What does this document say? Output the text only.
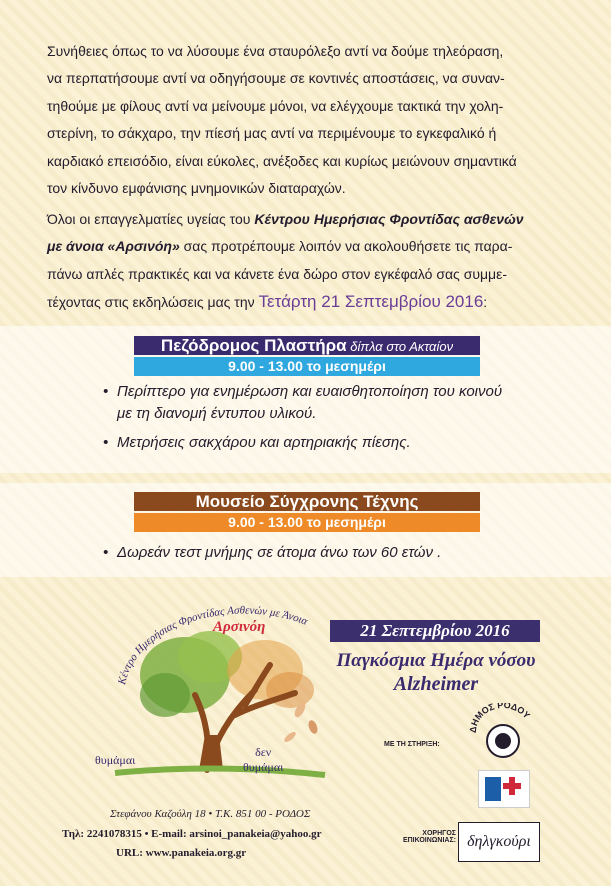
Συνήθειες όπως το να λύσουμε ένα σταυρόλεξο αντί να δούμε τηλεόραση,
να περπατήσουμε αντί να οδηγήσουμε σε κοντινές αποστάσεις, να συναν-
τηθούμε με φίλους αντί να μείνουμε μόνοι, να ελέγχουμε τακτικά την χολη-
στερίνη, το σάκχαρο, την πίεσή μας αντί να περιμένουμε το εγκεφαλικό ή
καρδιακό επεισόδιο, είναι εύκολες, ανέξοδες και κυρίως μειώνουν σημαντικά
τον κίνδυνο εμφάνισης μνημονικών διαταραχών.
Όλοι οι επαγγελματίες υγείας του Κέντρου Ημερήσιας Φροντίδας ασθενών
με άνοια «Αρσινόη» σας προτρέπουμε λοιπόν να ακολουθήσετε τις παρα-
πάνω απλές πρακτικές και να κάνετε ένα δώρο στον εγκέφαλό σας συμμε-
τέχοντας στις εκδηλώσεις μας την Τετάρτη 21 Σεπτεμβρίου 2016:
Πεζόδρομος Πλαστήρα δίπλα στο Ακταίον
9.00 - 13.00 το μεσημέρι
• Περίπτερο για ενημέρωση και ευαισθητοποίηση του κοινού
με τη διανομή έντυπου υλικού.
• Μετρήσεις σακχάρου και αρτηριακής πίεσης.
Μουσείο Σύγχρονης Τέχνης
9.00 - 13.00 το μεσημέρι
• Δωρεάν τεστ μνήμης σε άτομα άνω των 60 ετών .
Κέντρο Ημερήσιας Φροντίδας Ασθενών με Άνοια
Αρσινόη
θυμάμαι
δεν
θυμάμαι
21 Σεπτεμβρίου 2016
Παγκόσμια Ημέρα νόσου
Alzheimer
Στεφάνου Καζούλη 18 • Τ.Κ. 851 00 - ΡΟΔΟΣ
Τηλ: 2241078315 • E-mail: arsinoi_panakeia@yahoo.gr
URL: www.panakeia.org.gr
ΜΕ ΤΗ ΣΤΗΡΙΞΗ:
ΔΗΜΟΣ ΡΟΔΟΥ
ΧΟΡΗΓΟΣ
ΕΠΙΚΟΙΝΩΝΙΑΣ: δηλγκούρι
